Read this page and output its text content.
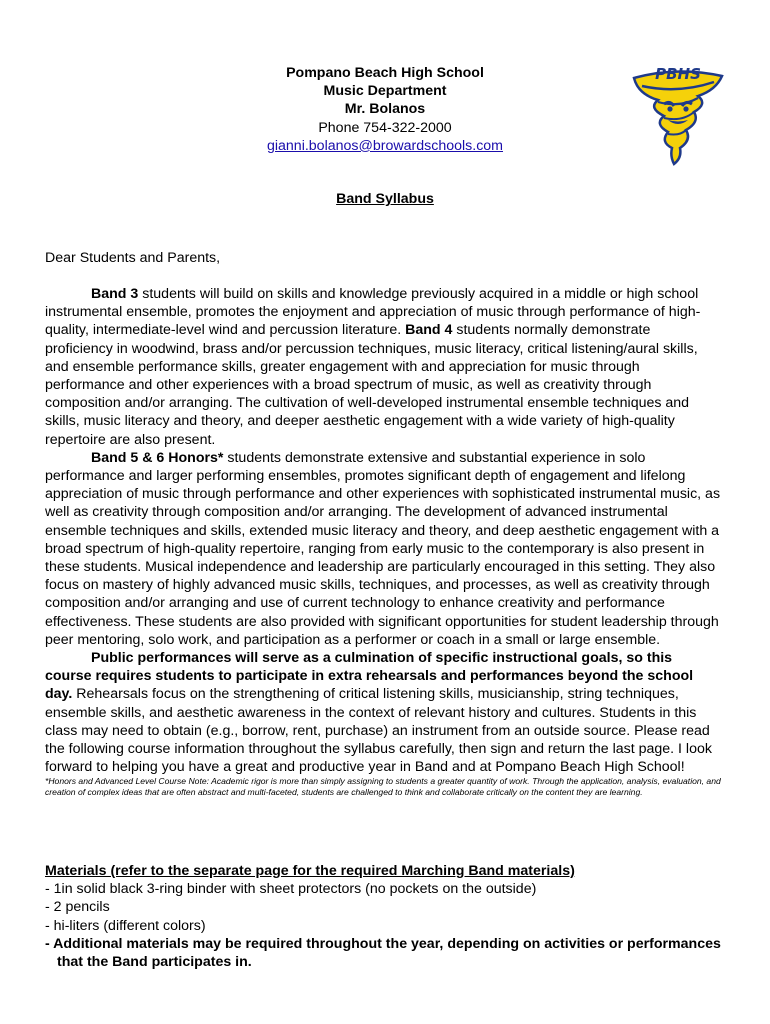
Pompano Beach High School
Music Department
Mr. Bolanos
Phone 754-322-2000
gianni.bolanos@browardschools.com
PBHS
Band Syllabus
Dear Students and Parents,

Band 3 students will build on skills and knowledge previously acquired in a middle or high school instrumental ensemble, promotes the enjoyment and appreciation of music through performance of high-quality, intermediate-level wind and percussion literature. Band 4 students normally demonstrate proficiency in woodwind, brass and/or percussion techniques, music literacy, critical listening/aural skills, and ensemble performance skills, greater engagement with and appreciation for music through performance and other experiences with a broad spectrum of music, as well as creativity through composition and/or arranging. The cultivation of well-developed instrumental ensemble techniques and skills, music literacy and theory, and deeper aesthetic engagement with a wide variety of high-quality repertoire are also present.

Band 5 & 6 Honors* students demonstrate extensive and substantial experience in solo performance and larger performing ensembles, promotes significant depth of engagement and lifelong appreciation of music through performance and other experiences with sophisticated instrumental music, as well as creativity through composition and/or arranging. The development of advanced instrumental ensemble techniques and skills, extended music literacy and theory, and deep aesthetic engagement with a broad spectrum of high-quality repertoire, ranging from early music to the contemporary is also present in these students. Musical independence and leadership are particularly encouraged in this setting. They also focus on mastery of highly advanced music skills, techniques, and processes, as well as creativity through composition and/or arranging and use of current technology to enhance creativity and performance effectiveness. These students are also provided with significant opportunities for student leadership through peer mentoring, solo work, and participation as a performer or coach in a small or large ensemble.

Public performances will serve as a culmination of specific instructional goals, so this course requires students to participate in extra rehearsals and performances beyond the school day. Rehearsals focus on the strengthening of critical listening skills, musicianship, string techniques, ensemble skills, and aesthetic awareness in the context of relevant history and cultures. Students in this class may need to obtain (e.g., borrow, rent, purchase) an instrument from an outside source. Please read the following course information throughout the syllabus carefully, then sign and return the last page. I look forward to helping you have a great and productive year in Band and at Pompano Beach High School!

*Honors and Advanced Level Course Note: Academic rigor is more than simply assigning to students a greater quantity of work. Through the application, analysis, evaluation, and creation of complex ideas that are often abstract and multi-faceted, students are challenged to think and collaborate critically on the content they are learning.

Materials (refer to the separate page for the required Marching Band materials)
- 1in solid black 3-ring binder with sheet protectors (no pockets on the outside)
- 2 pencils
- hi-liters (different colors)
- Additional materials may be required throughout the year, depending on activities or performances that the Band participates in.
